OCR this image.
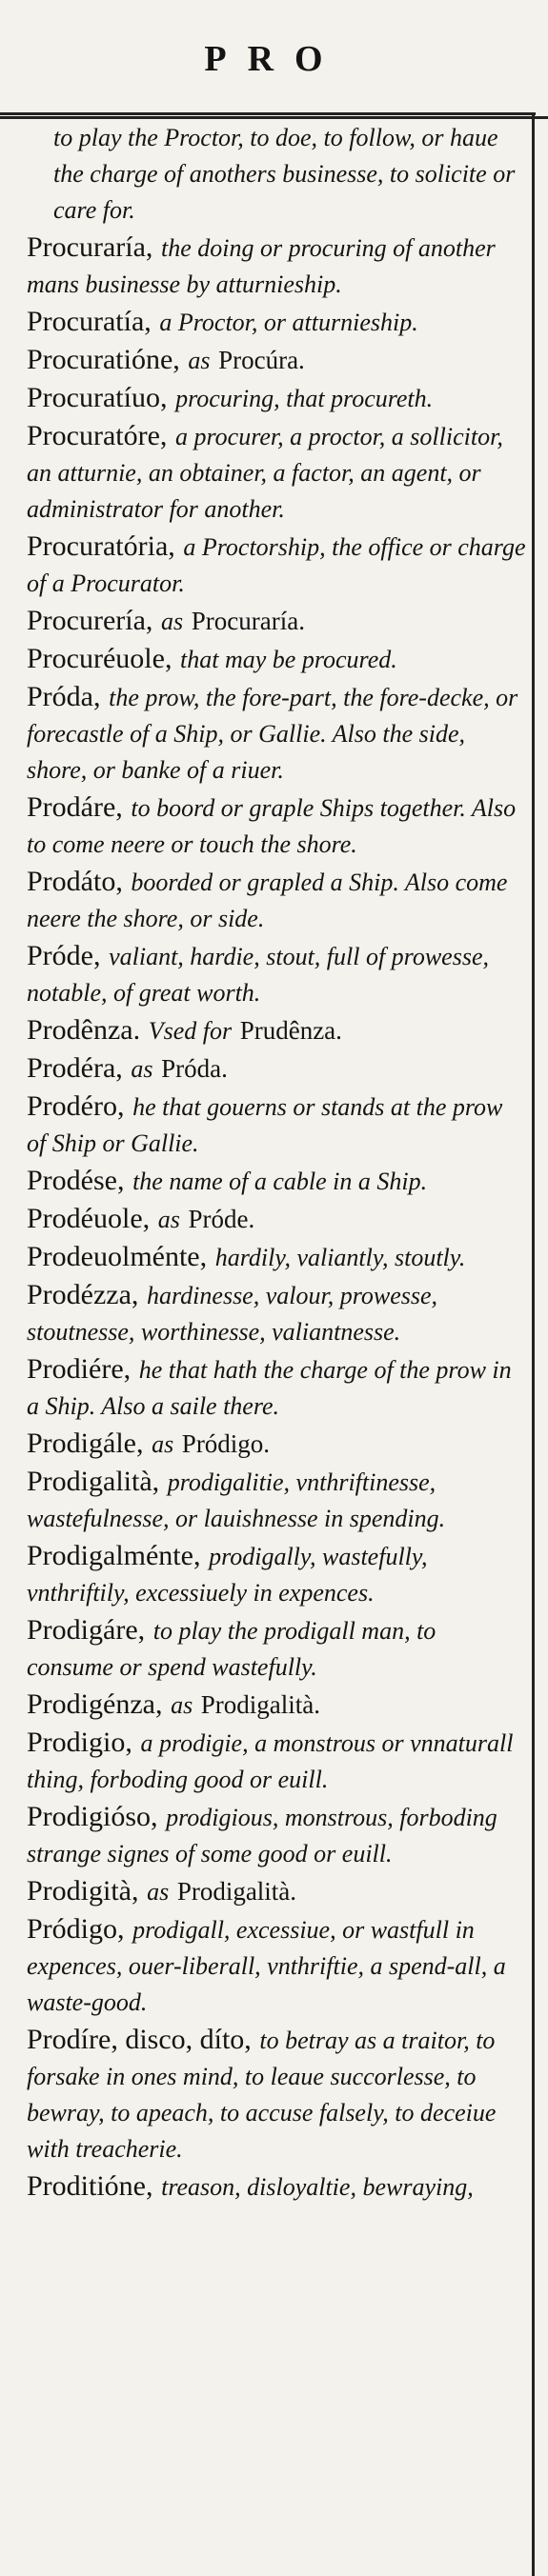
PRO
to play the Proctor, to doe, to follow, or haue the charge of anothers businesse, to solicite or care for.
Procuraría, the doing or procuring of another mans businesse by atturnieship.
Procuratía, a Proctor, or atturnieship.
Procuratióne, as Procúra.
Procuratíuo, procuring, that procureth.
Procuratóre, a procurer, a proctor, a sollicitor, an atturnie, an obtainer, a factor, an agent, or administrator for another.
Procuratória, a Proctorship, the office or charge of a Procurator.
Procurería, as Procuraría.
Procuréuole, that may be procured.
Próda, the prow, the fore-part, the fore-decke, or forecastle of a Ship, or Gallie. Also the side, shore, or banke of a riuer.
Prodáre, to boord or graple Ships together. Also to come neere or touch the shore.
Prodáto, boorded or grapled a Ship. Also come neere the shore, or side.
Próde, valiant, hardie, stout, full of prowesse, notable, of great worth.
Prodênza. Vsed for Prudênza.
Prodéra, as Próda.
Prodéro, he that gouerns or stands at the prow of Ship or Gallie.
Prodése, the name of a cable in a Ship.
Prodéuole, as Próde.
Prodeuolménte, hardily, valiantly, stoutly.
Prodézza, hardinesse, valour, prowesse, stoutnesse, worthinesse, valiantnesse.
Prodiére, he that hath the charge of the prow in a Ship. Also a saile there.
Prodigále, as Pródigo.
Prodigalità, prodigalitie, vnthriftinesse, wastefulnesse, or lauishnesse in spending.
Prodigalménte, prodigally, wastefully, vnthriftily, excessiuely in expences.
Prodigáre, to play the prodigall man, to consume or spend wastefully.
Prodigénza, as Prodigalità.
Prodigio, a prodigie, a monstrous or vnnaturall thing, forboding good or euill.
Prodigióso, prodigious, monstrous, forboding strange signes of some good or euill.
Prodigità, as Prodigalità.
Pródigo, prodigall, excessiue, or wastfull in expences, ouer-liberall, vnthriftie, a spend-all, a waste-good.
Prodíre, disco, díto, to betray as a traitor, to forsake in ones mind, to leaue succorlesse, to bewray, to apeach, to accuse falsely, to deceiue with treacherie.
Proditióne, treason, disloyaltie, bewraying,
